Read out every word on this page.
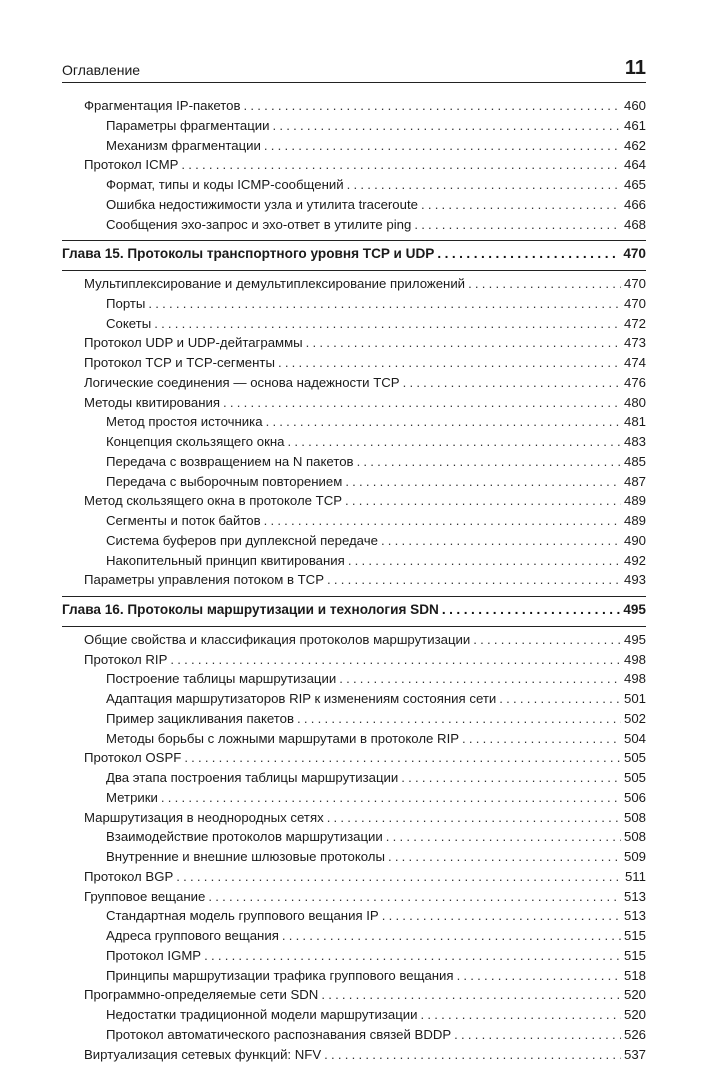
Оглавление	11
Фрагментация IP-пакетов .....	460
Параметры фрагментации .....	461
Механизм фрагментации .....	462
Протокол ICMP .....	464
Формат, типы и коды ICMP-сообщений .....	465
Ошибка недостижимости узла и утилита traceroute .....	466
Сообщения эхо-запрос и эхо-ответ в утилите ping .....	468
Глава 15. Протоколы транспортного уровня TCP и UDP .....	470
Мультиплексирование и демультиплексирование приложений .....	470
Порты .....	470
Сокеты .....	472
Протокол UDP и UDP-дейтаграммы .....	473
Протокол TCP и TCP-сегменты .....	474
Логические соединения — основа надежности TCP .....	476
Методы квитирования .....	480
Метод простоя источника .....	481
Концепция скользящего окна .....	483
Передача с возвращением на N пакетов .....	485
Передача с выборочным повторением .....	487
Метод скользящего окна в протоколе TCP .....	489
Сегменты и поток байтов .....	489
Система буферов при дуплексной передаче .....	490
Накопительный принцип квитирования .....	492
Параметры управления потоком в TCP .....	493
Глава 16. Протоколы маршрутизации и технология SDN .....	495
Общие свойства и классификация протоколов маршрутизации .....	495
Протокол RIP .....	498
Построение таблицы маршрутизации .....	498
Адаптация маршрутизаторов RIP к изменениям состояния сети .....	501
Пример зацикливания пакетов .....	502
Методы борьбы с ложными маршрутами в протоколе RIP .....	504
Протокол OSPF .....	505
Два этапа построения таблицы маршрутизации .....	505
Метрики .....	506
Маршрутизация в неоднородных сетях .....	508
Взаимодействие протоколов маршрутизации .....	508
Внутренние и внешние шлюзовые протоколы .....	509
Протокол BGP .....	511
Групповое вещание .....	513
Стандартная модель группового вещания IP .....	513
Адреса группового вещания .....	515
Протокол IGMP .....	515
Принципы маршрутизации трафика группового вещания .....	518
Программно-определяемые сети SDN .....	520
Недостатки традиционной модели маршрутизации .....	520
Протокол автоматического распознавания связей BDDP .....	526
Виртуализация сетевых функций: NFV .....	537
